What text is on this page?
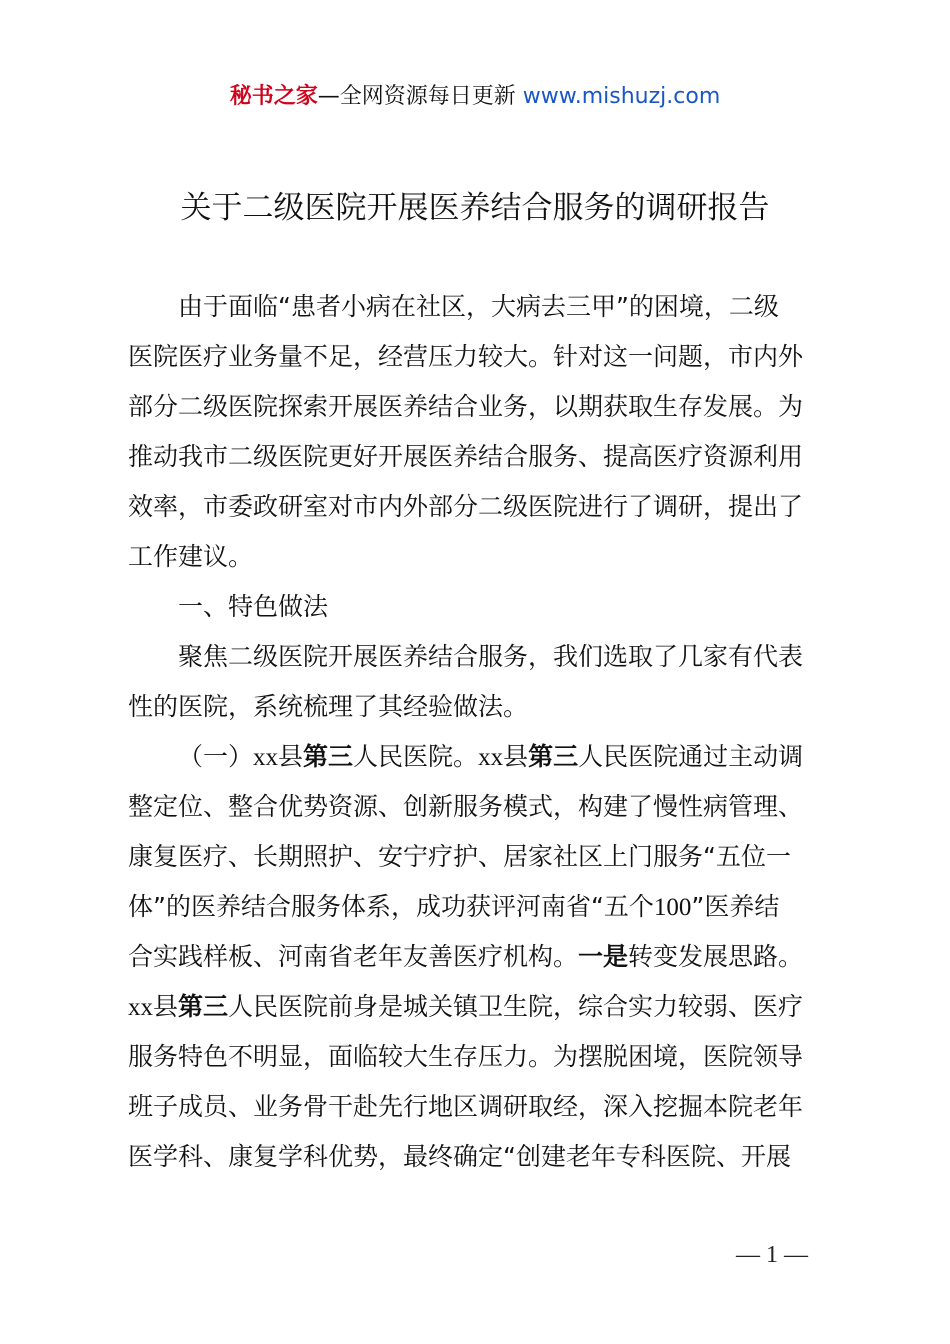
秘书之家—全网资源每日更新 www.mishuzj.com
关于二级医院开展医养结合服务的调研报告
由于面临“患者小病在社区，大病去三甲”的困境，二级
医院医疗业务量不足，经营压力较大。针对这一问题，市内外
部分二级医院探索开展医养结合业务，以期获取生存发展。为
推动我市二级医院更好开展医养结合服务、提高医疗资源利用
效率，市委政研室对市内外部分二级医院进行了调研，提出了
工作建议。
一、特色做法
聚焦二级医院开展医养结合服务，我们选取了几家有代表
性的医院，系统梳理了其经验做法。
（一）xx县第三人民医院。xx县第三人民医院通过主动调
整定位、整合优势资源、创新服务模式，构建了慢性病管理、
康复医疗、长期照护、安宁疗护、居家社区上门服务“五位一
体”的医养结合服务体系，成功获评河南省“五个100”医养结
合实践样板、河南省老年友善医疗机构。一是转变发展思路。
xx县第三人民医院前身是城关镇卫生院，综合实力较弱、医疗
服务特色不明显，面临较大生存压力。为摆脱困境，医院领导
班子成员、业务骨干赴先行地区调研取经，深入挖掘本院老年
医学科、康复学科优势，最终确定“创建老年专科医院、开展
— 1 —
